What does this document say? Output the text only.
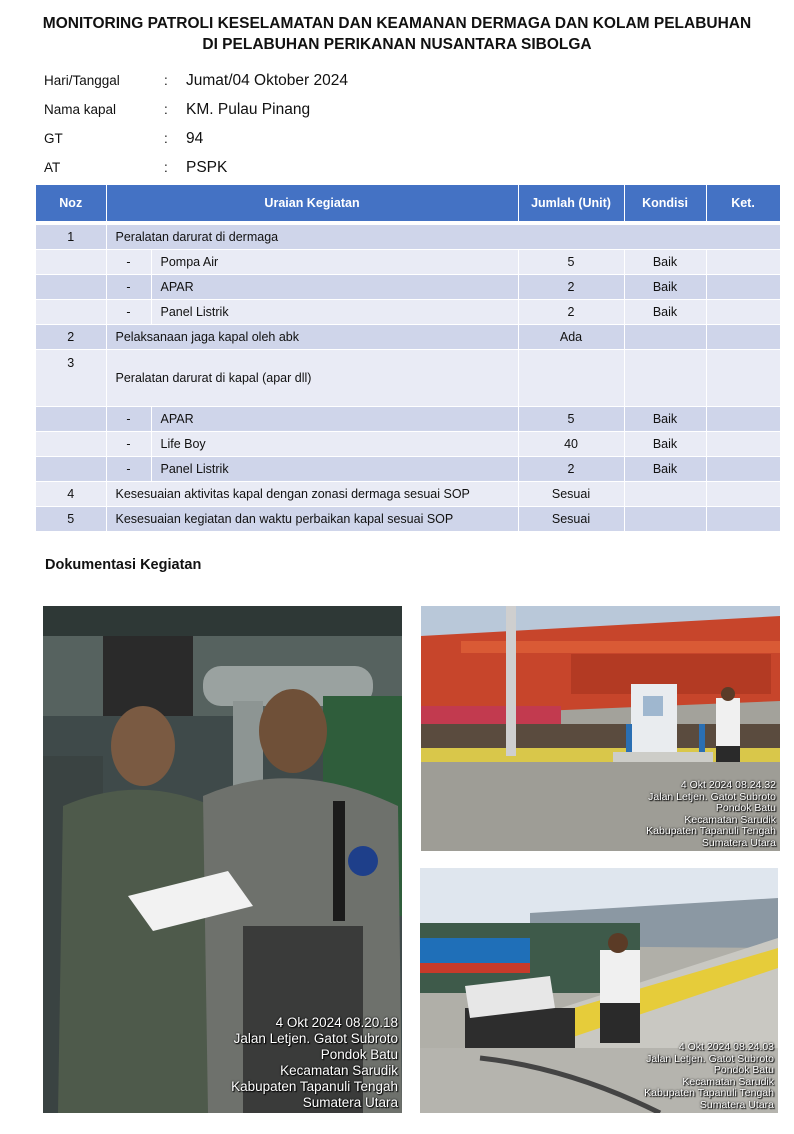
MONITORING PATROLI KESELAMATAN DAN KEAMANAN DERMAGA DAN KOLAM PELABUHAN
DI PELABUHAN PERIKANAN NUSANTARA SIBOLGA
Hari/Tanggal	:	Jumat/04 Oktober 2024
Nama kapal	:	KM. Pulau Pinang
GT	:	94
AT	:	PSPK
Noz	Uraian Kegiatan		Jumlah (Unit)	Kondisi	Ket.
1	Peralatan darurat di dermaga				
	-	Pompa Air	5	Baik	
	-	APAR	2	Baik	
	-	Panel Listrik	2	Baik	
2	Pelaksanaan jaga kapal oleh abk		Ada		
3	Peralatan darurat di kapal (apar dll)				
	-	APAR	5	Baik	
	-	Life Boy	40	Baik	
	-	Panel Listrik	2	Baik	
4	Kesesuaian aktivitas kapal dengan zonasi dermaga sesuai SOP		Sesuai		
5	Kesesuaian kegiatan dan waktu perbaikan kapal sesuai SOP		Sesuai		
Dokumentasi Kegiatan
4 Okt 2024 08.20.18
Jalan Letjen. Gatot Subroto
Pondok Batu
Kecamatan Sarudik
Kabupaten Tapanuli Tengah
Sumatera Utara
4 Okt 2024 08.24.32
Jalan Letjen. Gatot Subroto
Pondok Batu
Kecamatan Sarudik
Kabupaten Tapanuli Tengah
Sumatera Utara
4 Okt 2024 08.24.03
Jalan Letjen. Gatot Subroto
Pondok Batu
Kecamatan Sarudik
Kabupaten Tapanuli Tengah
Sumatera Utara
